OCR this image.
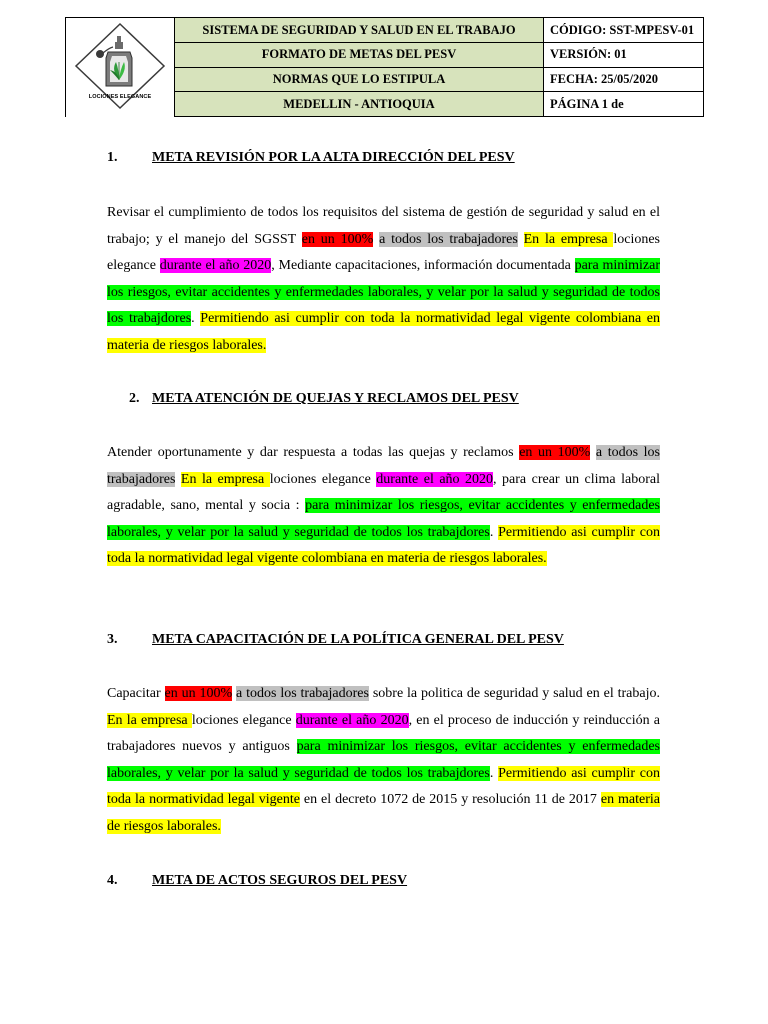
LOCIONES ELEGANCE	SISTEMA DE SEGURIDAD Y SALUD EN EL TRABAJO	CÓDIGO: SST-MPESV-01
	FORMATO DE METAS DEL PESV	VERSIÓN: 01
	NORMAS QUE LO ESTIPULA	FECHA: 25/05/2020
	MEDELLIN - ANTIOQUIA	PÁGINA 1 de
1. META REVISIÓN POR LA ALTA DIRECCIÓN DEL PESV
Revisar el cumplimiento de todos los requisitos del sistema de gestión de seguridad y salud en el trabajo; y el manejo del SGSST en un 100% a todos los trabajadores En la empresa lociones elegance durante el año 2020, Mediante capacitaciones, información documentada para minimizar los riesgos, evitar accidentes y enfermedades laborales, y velar por la salud y seguridad de todos los trabajdores. Permitiendo asi cumplir con toda la normatividad legal vigente colombiana en materia de riesgos laborales.
2. META ATENCIÓN DE QUEJAS Y RECLAMOS DEL PESV
Atender oportunamente y dar respuesta a todas las quejas y reclamos en un 100% a todos los trabajadores En la empresa lociones elegance durante el año 2020, para crear un clima laboral agradable, sano, mental y socia : para minimizar los riesgos, evitar accidentes y enfermedades laborales, y velar por la salud y seguridad de todos los trabajdores. Permitiendo asi cumplir con toda la normatividad legal vigente colombiana en materia de riesgos laborales.
3. META CAPACITACIÓN DE LA POLÍTICA GENERAL DEL PESV
Capacitar en un 100% a todos los trabajadores sobre la politica de seguridad y salud en el trabajo. En la empresa lociones elegance durante el año 2020, en el proceso de inducción y reinducción a trabajadores nuevos y antiguos para minimizar los riesgos, evitar accidentes y enfermedades laborales, y velar por la salud y seguridad de todos los trabajdores. Permitiendo asi cumplir con toda la normatividad legal vigente en el decreto 1072 de 2015 y resolución 11 de 2017 en materia de riesgos laborales.
4. META DE ACTOS SEGUROS DEL PESV
